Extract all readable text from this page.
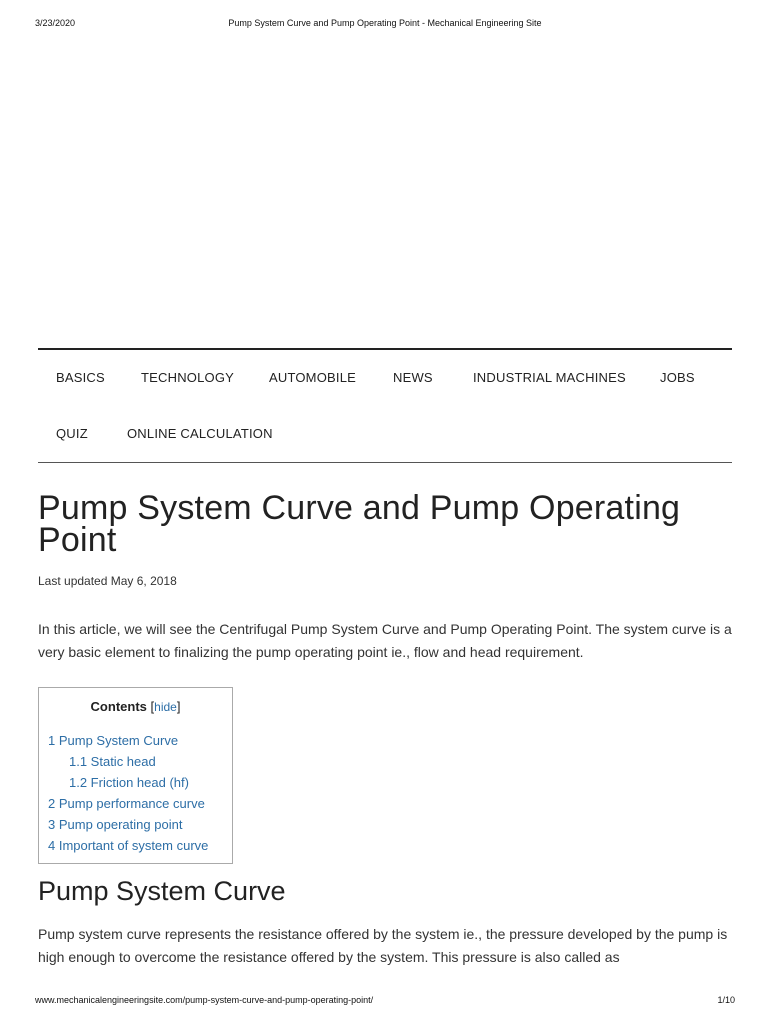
3/23/2020	Pump System Curve and Pump Operating Point - Mechanical Engineering Site
BASICS	TECHNOLOGY	AUTOMOBILE	NEWS	INDUSTRIAL MACHINES	JOBS
QUIZ	ONLINE CALCULATION
Pump System Curve and Pump Operating Point
Last updated May 6, 2018

In this article, we will see the Centrifugal Pump System Curve and Pump Operating Point. The system curve is a very basic element to finalizing the pump operating point ie., flow and head requirement.

Contents [hide]
1 Pump System Curve
1.1 Static head
1.2 Friction head (hf)
2 Pump performance curve
3 Pump operating point
4 Important of system curve
Pump System Curve

Pump system curve represents the resistance offered by the system ie., the pressure developed by the pump is high enough to overcome the resistance offered by the system. This pressure is also called as

www.mechanicalengineeringsite.com/pump-system-curve-and-pump-operating-point/	1/10
